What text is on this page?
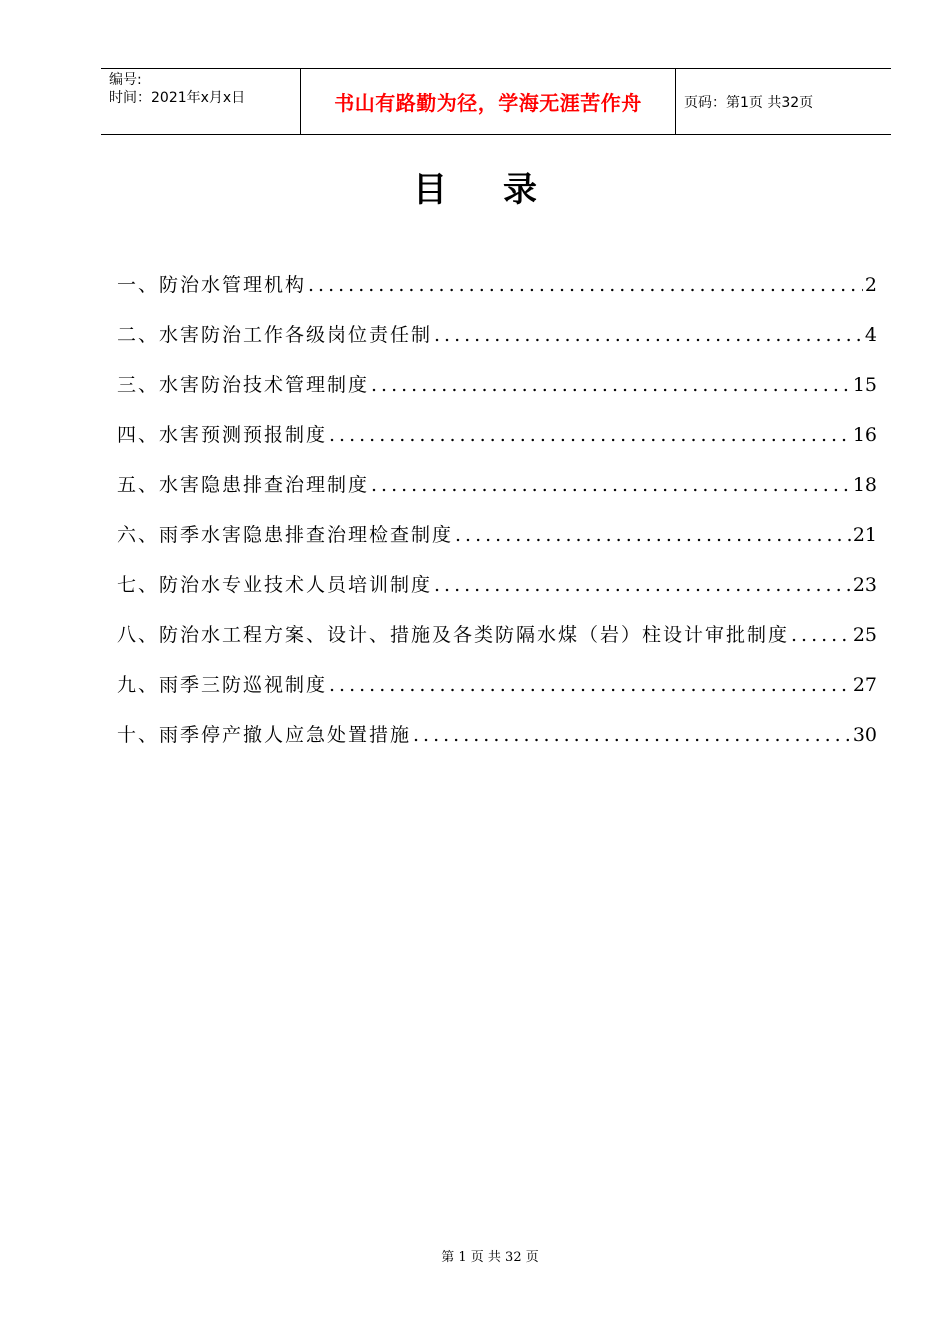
编号:
时间：2021年x月x日	书山有路勤为径，学海无涯苦作舟	页码：第1页 共32页
目录
一、防治水管理机构 .....	2
二、水害防治工作各级岗位责任制 .....	4
三、水害防治技术管理制度 .....	15
四、水害预测预报制度 .....	16
五、水害隐患排查治理制度 .....	18
六、雨季水害隐患排查治理检查制度 .....	21
七、防治水专业技术人员培训制度 .....	23
八、防治水工程方案、设计、措施及各类防隔水煤（岩）柱设计审批制度 .....	25
九、雨季三防巡视制度 .....	27
十、雨季停产撤人应急处置措施 .....	30
第 1 页 共 32 页
